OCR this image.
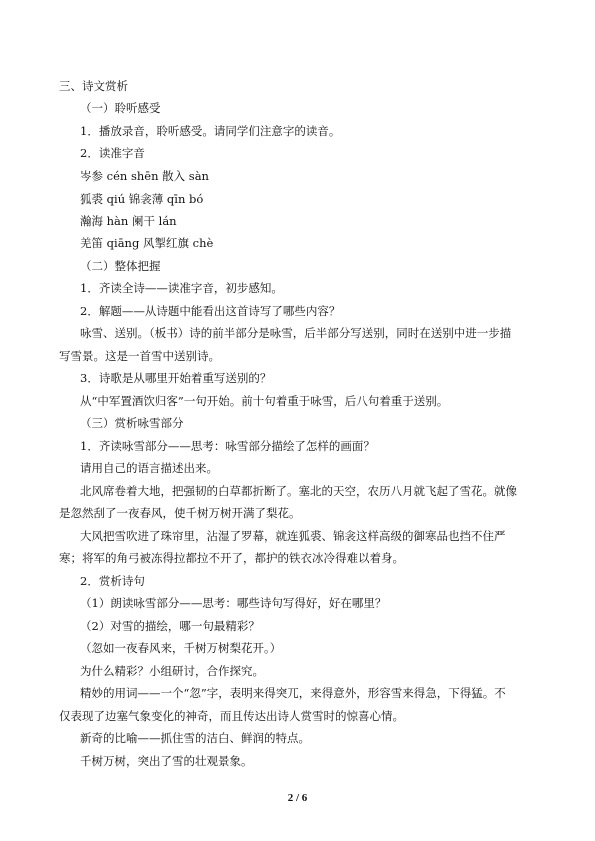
三、诗文赏析
（一）聆听感受
1．播放录音，聆听感受。请同学们注意字的读音。
2．读准字音
岑参 cén shēn 散入 sàn
狐裘 qiú 锦衾薄 qīn bó
瀚海 hàn 阑干 lán
羌笛 qiāng 风掣红旗 chè
（二）整体把握
1．齐读全诗——读准字音，初步感知。
2．解题——从诗题中能看出这首诗写了哪些内容？
咏雪、送别。（板书）诗的前半部分是咏雪，后半部分写送别，同时在送别中进一步描
写雪景。这是一首雪中送别诗。
3．诗歌是从哪里开始着重写送别的？
从“中军置酒饮归客”一句开始。前十句着重于咏雪，后八句着重于送别。
（三）赏析咏雪部分
1．齐读咏雪部分——思考：咏雪部分描绘了怎样的画面？
请用自己的语言描述出来。
北风席卷着大地，把强韧的白草都折断了。塞北的天空，农历八月就飞起了雪花。就像
是忽然刮了一夜春风，使千树万树开满了梨花。
大风把雪吹进了珠帘里，沾湿了罗幕，就连狐裘、锦衾这样高级的御寒品也挡不住严
寒；将军的角弓被冻得拉都拉不开了，都护的铁衣冰冷得难以着身。
2．赏析诗句
（1）朗读咏雪部分——思考：哪些诗句写得好，好在哪里？
（2）对雪的描绘，哪一句最精彩？
（忽如一夜春风来，千树万树梨花开。）
为什么精彩？小组研讨，合作探究。
精妙的用词——一个“忽”字，表明来得突兀，来得意外，形容雪来得急，下得猛。不
仅表现了边塞气象变化的神奇，而且传达出诗人赏雪时的惊喜心情。
新奇的比喻——抓住雪的洁白、鲜润的特点。
千树万树，突出了雪的壮观景象。
2 / 6
